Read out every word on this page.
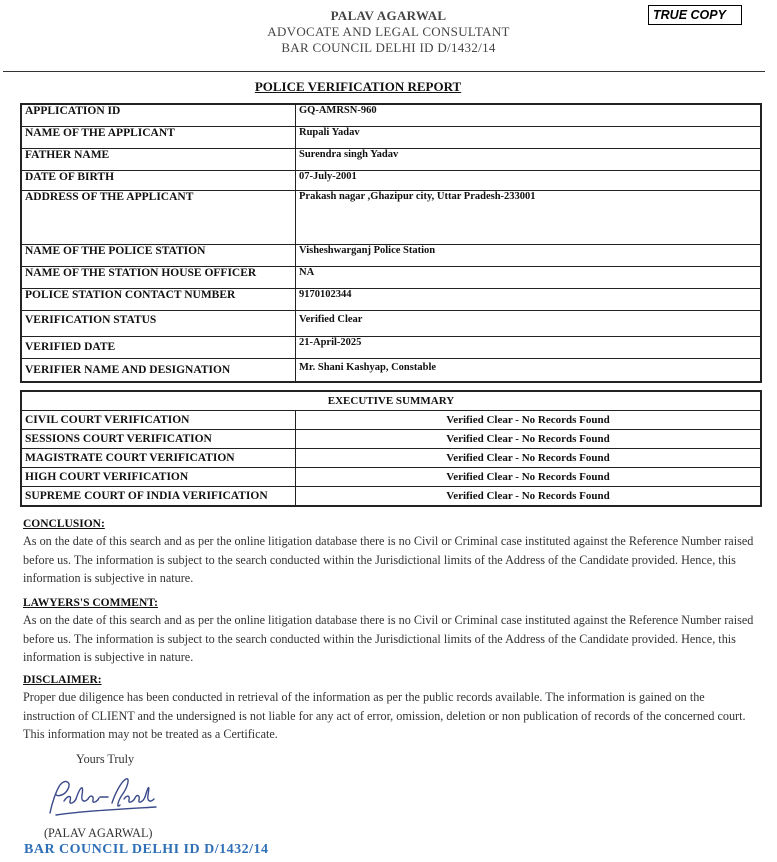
PALAV AGARWAL
ADVOCATE AND LEGAL CONSULTANT
BAR COUNCIL DELHI ID D/1432/14
TRUE COPY
POLICE VERIFICATION REPORT
APPLICATION ID	GQ-AMRSN-960
NAME OF THE APPLICANT	Rupali Yadav
FATHER NAME	Surendra singh Yadav
DATE OF BIRTH	07-July-2001
ADDRESS OF THE APPLICANT	Prakash nagar ,Ghazipur city, Uttar Pradesh-233001
NAME OF THE POLICE STATION	Visheshwarganj Police Station
NAME OF THE STATION HOUSE OFFICER	NA
POLICE STATION CONTACT NUMBER	9170102344
VERIFICATION STATUS	Verified Clear
VERIFIED DATE	21-April-2025
VERIFIER NAME AND DESIGNATION	Mr. Shani Kashyap, Constable
EXECUTIVE SUMMARY	
CIVIL COURT VERIFICATION	Verified Clear - No Records Found
SESSIONS COURT VERIFICATION	Verified Clear - No Records Found
MAGISTRATE COURT VERIFICATION	Verified Clear - No Records Found
HIGH COURT VERIFICATION	Verified Clear - No Records Found
SUPREME COURT OF INDIA VERIFICATION	Verified Clear - No Records Found
CONCLUSION:

As on the date of this search and as per the online litigation database there is no Civil or Criminal case instituted against the Reference Number raised before us. The information is subject to the search conducted within the Jurisdictional limits of the Address of the Candidate provided. Hence, this information is subjective in nature.

LAWYERS'S COMMENT:

As on the date of this search and as per the online litigation database there is no Civil or Criminal case instituted against the Reference Number raised before us. The information is subject to the search conducted within the Jurisdictional limits of the Address of the Candidate provided. Hence, this information is subjective in nature.

DISCLAIMER:

Proper due diligence has been conducted in retrieval of the information as per the public records available. The information is gained on the instruction of CLIENT and the undersigned is not liable for any act of error, omission, deletion or non publication of records of the concerned court. This information may not be treated as a Certificate.

Yours Truly
(PALAV AGARWAL)
BAR COUNCIL DELHI ID D/1432/14
